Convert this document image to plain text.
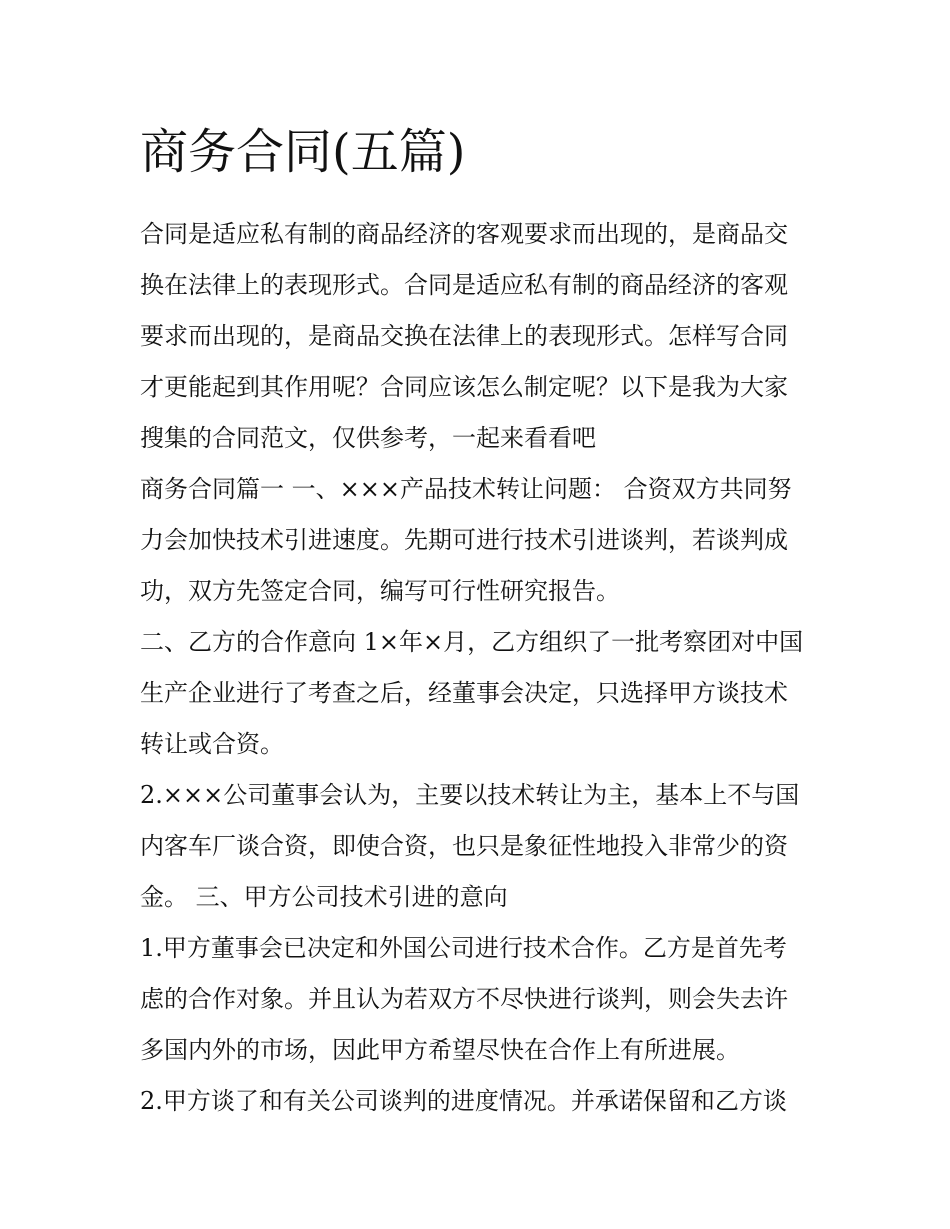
商务合同(五篇)

合同是适应私有制的商品经济的客观要求而出现的，是商品交

换在法律上的表现形式。合同是适应私有制的商品经济的客观

要求而出现的，是商品交换在法律上的表现形式。怎样写合同

才更能起到其作用呢？合同应该怎么制定呢？以下是我为大家

搜集的合同范文，仅供参考，一起来看看吧

商务合同篇一 一、×××产品技术转让问题： 合资双方共同努

力会加快技术引进速度。先期可进行技术引进谈判，若谈判成

功，双方先签定合同，编写可行性研究报告。

二、乙方的合作意向 1×年×月，乙方组织了一批考察团对中国

生产企业进行了考查之后，经董事会决定，只选择甲方谈技术

转让或合资。

2.×××公司董事会认为，主要以技术转让为主，基本上不与国

内客车厂谈合资，即使合资，也只是象征性地投入非常少的资

金。 三、甲方公司技术引进的意向

1.甲方董事会已决定和外国公司进行技术合作。乙方是首先考

虑的合作对象。并且认为若双方不尽快进行谈判，则会失去许

多国内外的市场，因此甲方希望尽快在合作上有所进展。

2.甲方谈了和有关公司谈判的进度情况。并承诺保留和乙方谈
